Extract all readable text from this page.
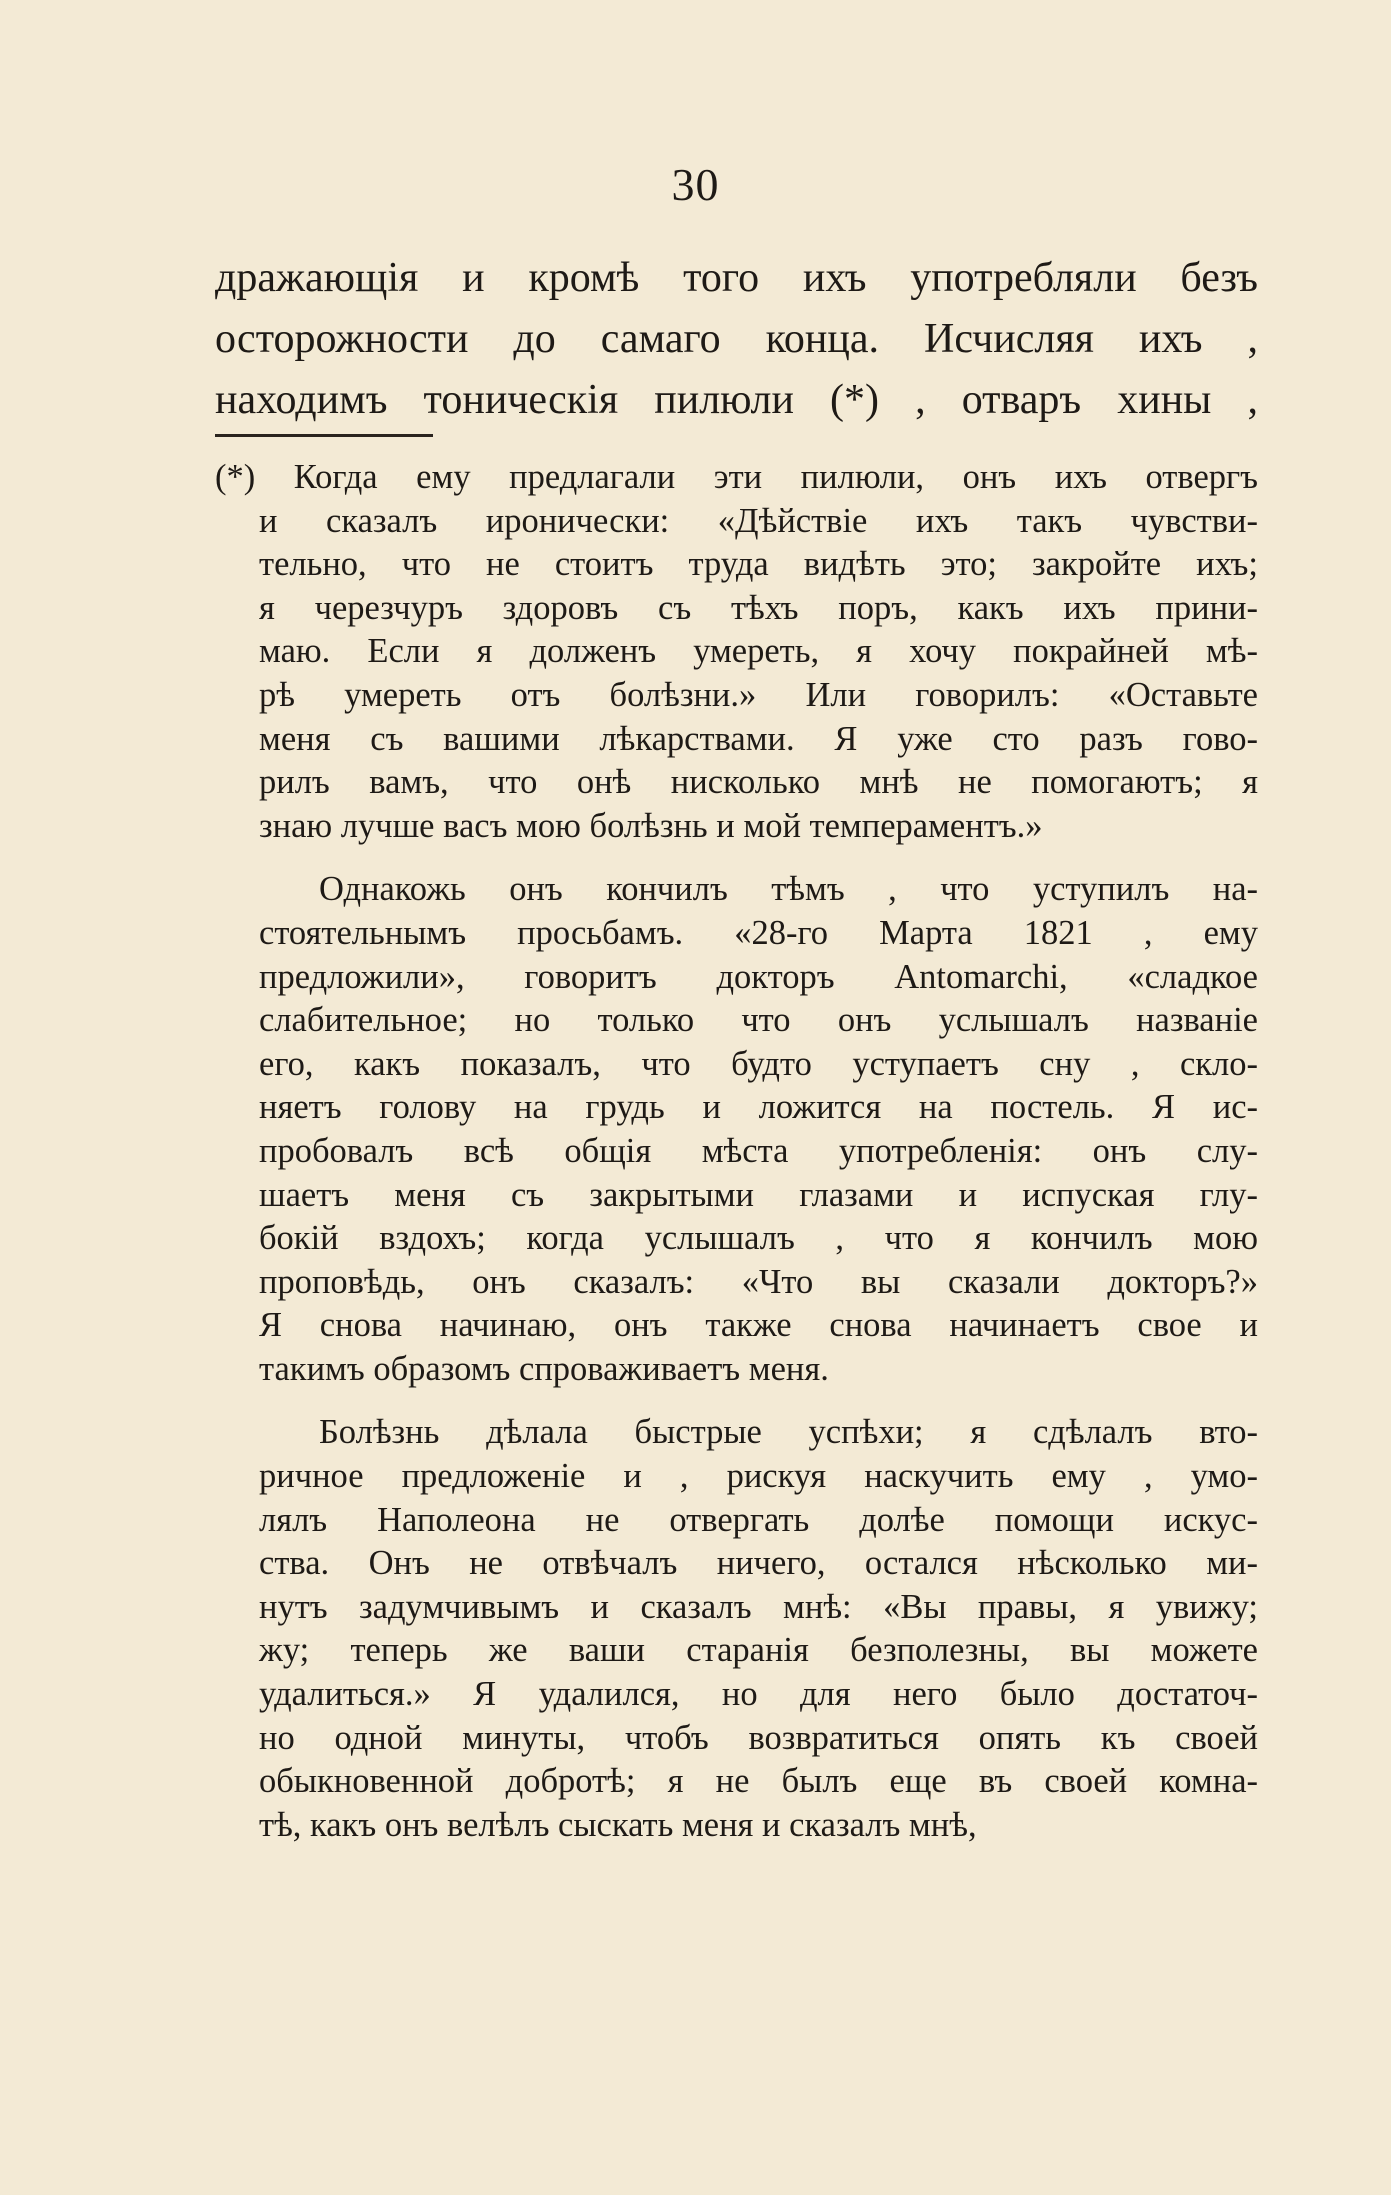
30
дражающія и кромѣ того ихъ употребляли безъ
осторожности до самаго конца. Исчисляя ихъ ,
находимъ тоническія пилюли (*) , отваръ хины ,
(*) Когда ему предлагали эти пилюли, онъ ихъ отвергъ
и сказалъ иронически: «Дѣйствіе ихъ такъ чувстви-
тельно, что не стоитъ труда видѣть это; закройте ихъ;
я черезчуръ здоровъ съ тѣхъ поръ, какъ ихъ прини-
маю. Если я долженъ умереть, я хочу покрайней мѣ-
рѣ умереть отъ болѣзни.» Или говорилъ: «Оставьте
меня съ вашими лѣкарствами. Я уже сто разъ гово-
рилъ вамъ, что онѣ нисколько мнѣ не помогаютъ; я
знаю лучше васъ мою болѣзнь и мой темпераментъ.»
Однакожь онъ кончилъ тѣмъ , что уступилъ на-
стоятельнымъ просьбамъ. «28-го Марта 1821 , ему
предложили», говоритъ докторъ Antomarchi, «сладкое
слабительное; но только что онъ услышалъ названіе
его, какъ показалъ, что будто уступаетъ сну , скло-
няетъ голову на грудь и ложится на постель. Я ис-
пробовалъ всѣ общія мѣста употребленія: онъ слу-
шаетъ меня съ закрытыми глазами и испуская глу-
бокій вздохъ; когда услышалъ , что я кончилъ мою
проповѣдь, онъ сказалъ: «Что вы сказали докторъ?»
Я снова начинаю, онъ также снова начинаетъ свое и
такимъ образомъ спроваживаетъ меня.
Болѣзнь дѣлала быстрые успѣхи; я сдѣлалъ вто-
ричное предложеніе и , рискуя наскучить ему , умо-
лялъ Наполеона не отвергать долѣе помощи искус-
ства. Онъ не отвѣчалъ ничего, остался нѣсколько ми-
нутъ задумчивымъ и сказалъ мнѣ: «Вы правы, я увижу;
жу; теперь же ваши старанія безполезны, вы можете
удалиться.» Я удалился, но для него было достаточ-
но одной минуты, чтобъ возвратиться опять къ своей
обыкновенной добротѣ; я не былъ еще въ своей комна-
тѣ, какъ онъ велѣлъ сыскать меня и сказалъ мнѣ,
